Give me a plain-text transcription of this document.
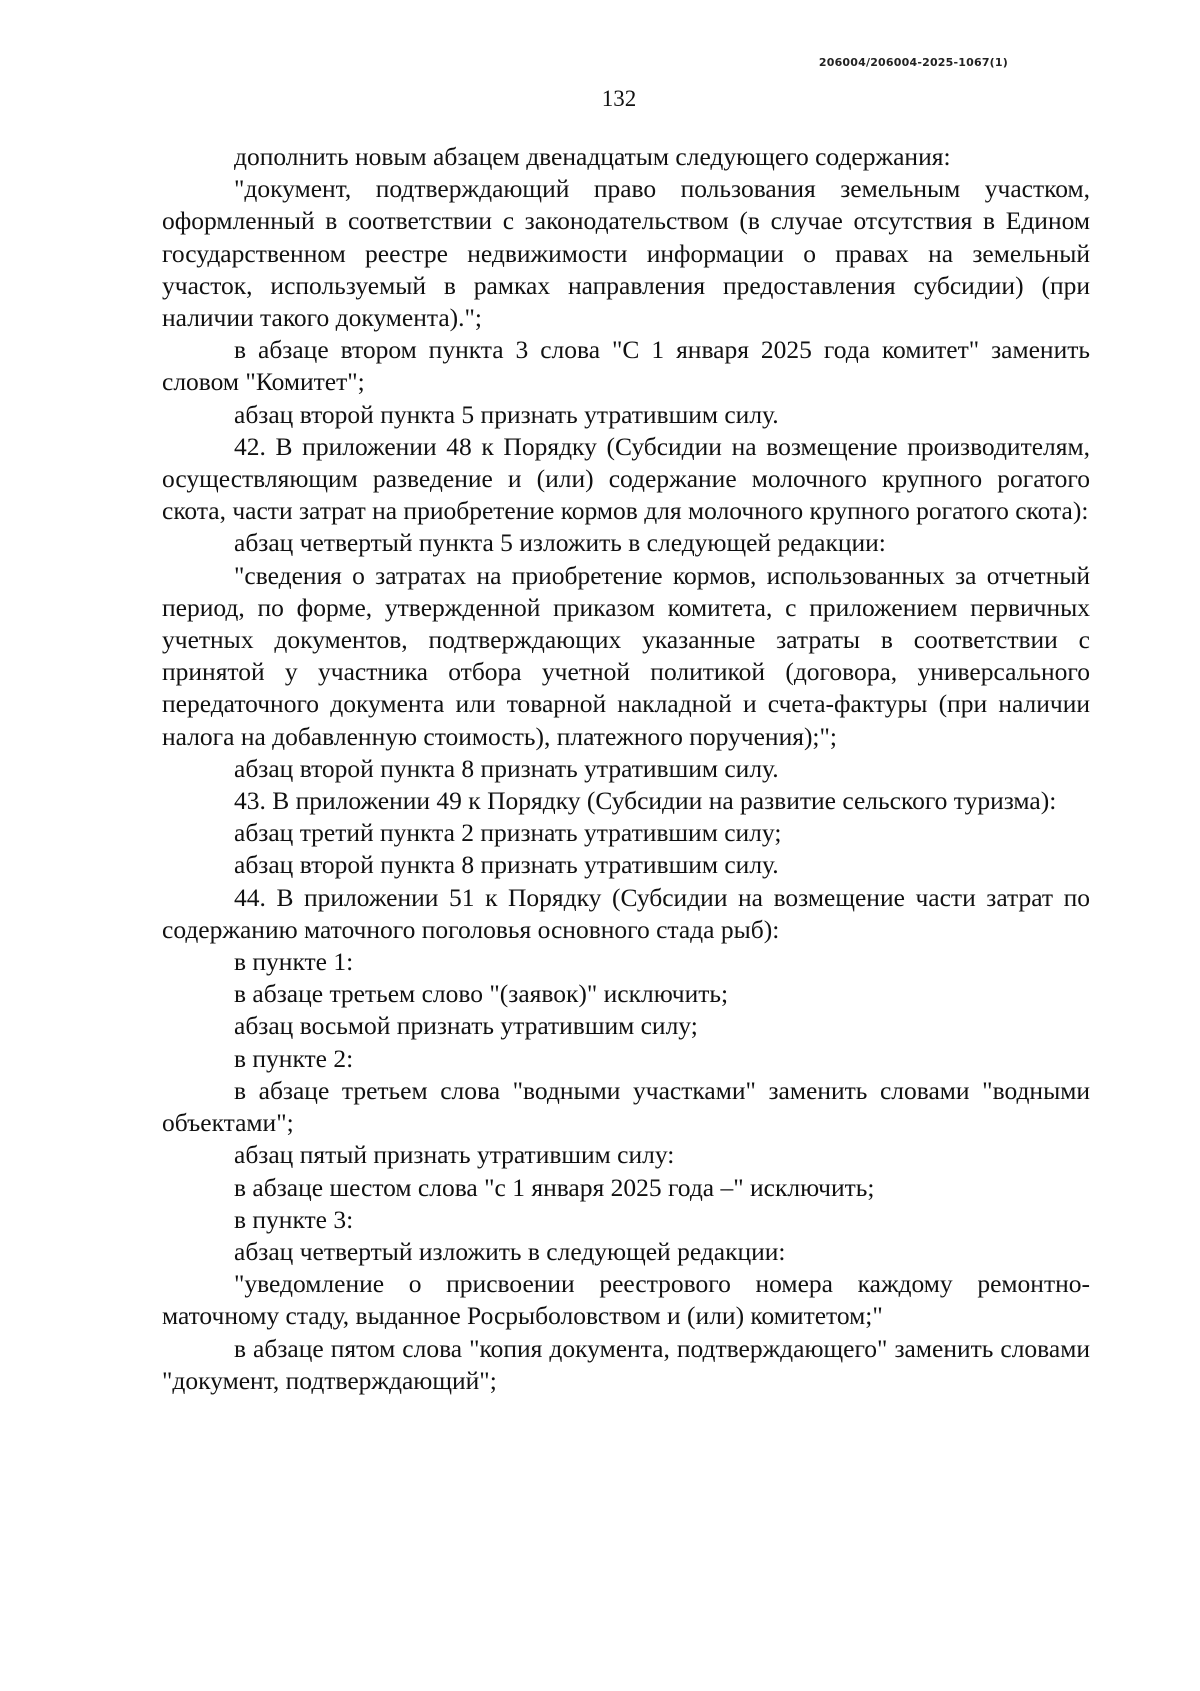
206004/206004-2025-1067(1)
132

дополнить новым абзацем двенадцатым следующего содержания:

"документ, подтверждающий право пользования земельным участком, оформленный в соответствии с законодательством (в случае отсутствия в Едином государственном реестре недвижимости информации о правах на земельный участок, используемый в рамках направления предоставления субсидии) (при наличии такого документа).";

в абзаце втором пункта 3 слова "С 1 января 2025 года комитет" заменить словом "Комитет";

абзац второй пункта 5 признать утратившим силу.

42. В приложении 48 к Порядку (Субсидии на возмещение производителям, осуществляющим разведение и (или) содержание молочного крупного рогатого скота, части затрат на приобретение кормов для молочного крупного рогатого скота):

абзац четвертый пункта 5 изложить в следующей редакции:

"сведения о затратах на приобретение кормов, использованных за отчетный период, по форме, утвержденной приказом комитета, с приложением первичных учетных документов, подтверждающих указанные затраты в соответствии с принятой у участника отбора учетной политикой (договора, универсального передаточного документа или товарной накладной и счета-фактуры (при наличии налога на добавленную стоимость), платежного поручения);";

абзац второй пункта 8 признать утратившим силу.

43. В приложении 49 к Порядку (Субсидии на развитие сельского туризма):

абзац третий пункта 2 признать утратившим силу;

абзац второй пункта 8 признать утратившим силу.

44. В приложении 51 к Порядку (Субсидии на возмещение части затрат по содержанию маточного поголовья основного стада рыб):

в пункте 1:

в абзаце третьем слово "(заявок)" исключить;

абзац восьмой признать утратившим силу;

в пункте 2:

в абзаце третьем слова "водными участками" заменить словами "водными объектами";

абзац пятый признать утратившим силу:

в абзаце шестом слова "с 1 января 2025 года –" исключить;

в пункте 3:

абзац четвертый изложить в следующей редакции:

"уведомление о присвоении реестрового номера каждому ремонтно-маточному стаду, выданное Росрыболовством и (или) комитетом;"

в абзаце пятом слова "копия документа, подтверждающего" заменить словами "документ, подтверждающий";
